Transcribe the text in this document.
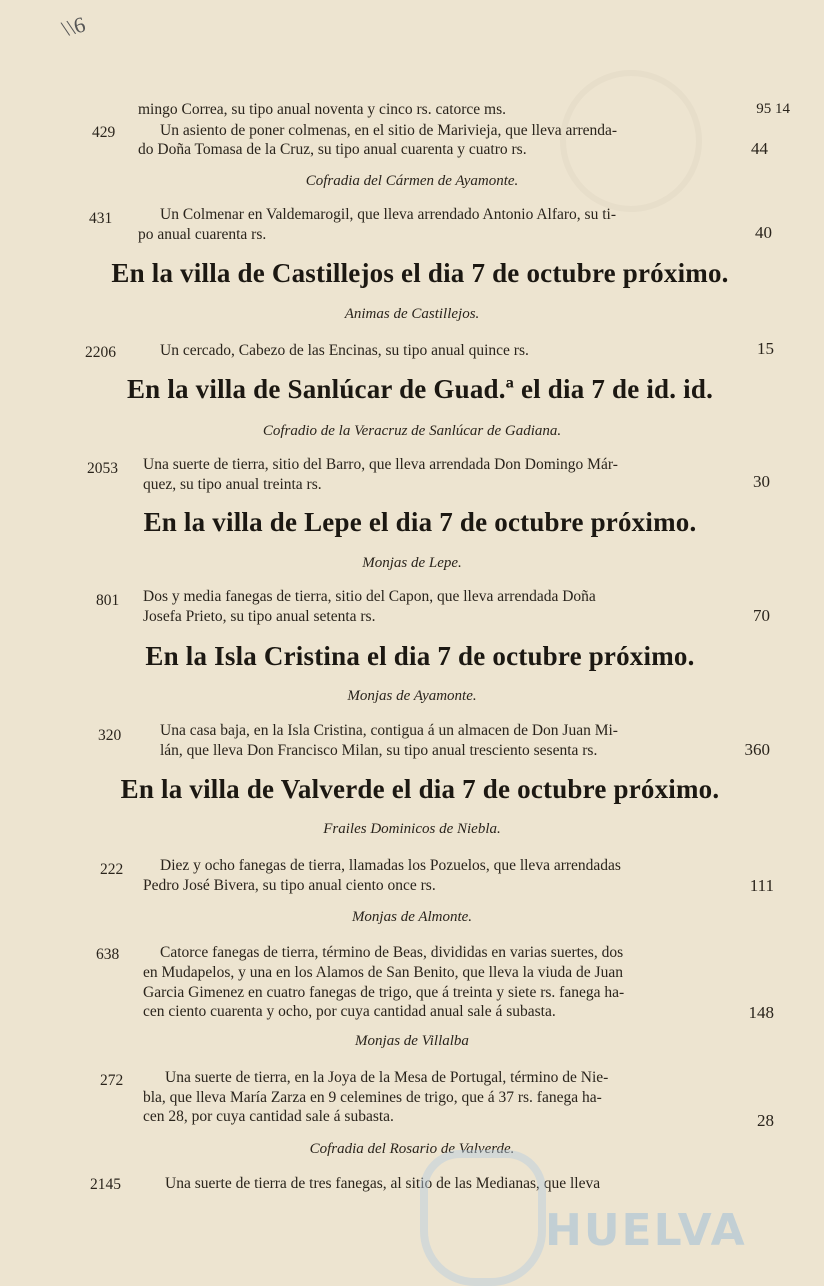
\\6
mingo Correa, su tipo anual noventa y cinco rs. catorce ms.	95 14
429	Un asiento de poner colmenas, en el sitio de Marivieja, que lleva arrenda-
do Doña Tomasa de la Cruz, su tipo anual cuarenta y cuatro rs.	44
Cofradia del Cármen de Ayamonte.
431	Un Colmenar en Valdemarogil, que lleva arrendado Antonio Alfaro, su ti-
po anual cuarenta rs.	40
En la villa de Castillejos el dia 7 de octubre próximo.
Animas de Castillejos.
2206	Un cercado, Cabezo de las Encinas, su tipo anual quince rs.	15
En la villa de Sanlúcar de Guad.ª el dia 7 de id. id.
Cofradio de la Veracruz de Sanlúcar de Gadiana.
2053 Una suerte de tierra, sitio del Barro, que lleva arrendada Don Domingo Már-
quez, su tipo anual treinta rs.	30
En la villa de Lepe el dia 7 de octubre próximo.
Monjas de Lepe.
801 Dos y media fanegas de tierra, sitio del Capon, que lleva arrendada Doña
Josefa Prieto, su tipo anual setenta rs.	70
En la Isla Cristina el dia 7 de octubre próximo.
Monjas de Ayamonte.
320	Una casa baja, en la Isla Cristina, contigua á un almacen de Don Juan Mi-
lán, que lleva Don Francisco Milan, su tipo anual tresciento sesenta rs.	360
En la villa de Valverde el dia 7 de octubre próximo.
Frailes Dominicos de Niebla.
222 Diez y ocho fanegas de tierra, llamadas los Pozuelos, que lleva arrendadas
Pedro José Bivera, su tipo anual ciento once rs.	111
Monjas de Almonte.
638	Catorce fanegas de tierra, término de Beas, divididas en varias suertes, dos
en Mudapelos, y una en los Alamos de San Benito, que lleva la viuda de Juan
Garcia Gimenez en cuatro fanegas de trigo, que á treinta y siete rs. fanega ha-
cen ciento cuarenta y ocho, por cuya cantidad anual sale á subasta.	148
Monjas de Villalba
272	Una suerte de tierra, en la Joya de la Mesa de Portugal, término de Nie-
bla, que lleva María Zarza en 9 celemines de trigo, que á 37 rs. fanega ha-
cen 28, por cuya cantidad sale á subasta.	28
Cofradia del Rosario de Valverde.
2145	Una suerte de tierra de tres fanegas, al sitio de las Medianas, que lleva
HUELVA
